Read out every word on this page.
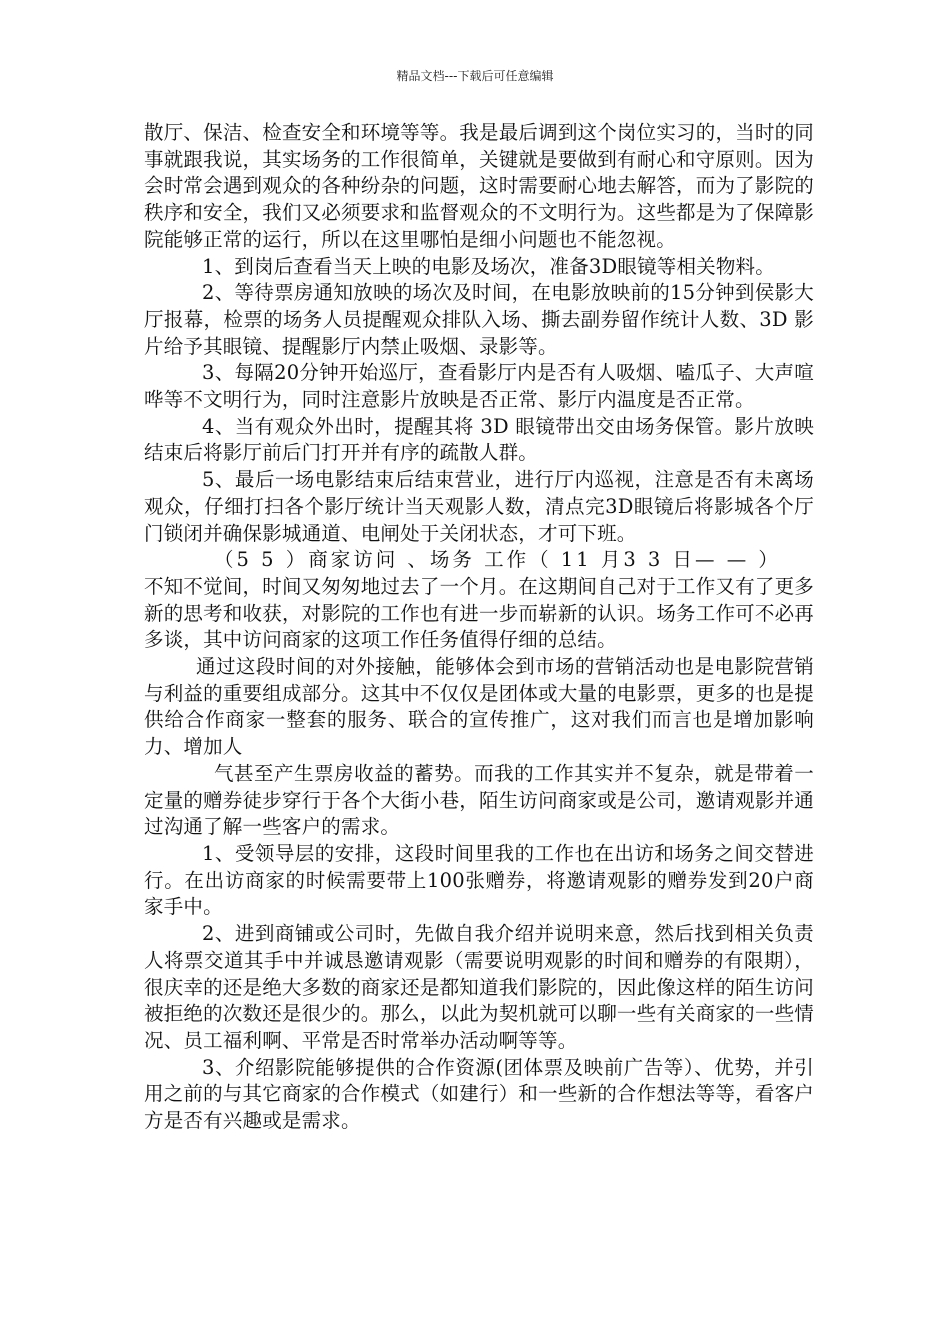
精品文档---下载后可任意编辑

散厅、保洁、检查安全和环境等等。我是最后调到这个岗位实习的，当时的同事就跟我说，其实场务的工作很简单，关键就是要做到有耐心和守原则。因为会时常会遇到观众的各种纷杂的问题，这时需要耐心地去解答，而为了影院的秩序和安全，我们又必须要求和监督观众的不文明行为。这些都是为了保障影院能够正常的运行，所以在这里哪怕是细小问题也不能忽视。

1、到岗后查看当天上映的电影及场次，准备3D眼镜等相关物料。

2、等待票房通知放映的场次及时间，在电影放映前的15分钟到侯影大厅报幕，检票的场务人员提醒观众排队入场、撕去副券留作统计人数、3D 影片给予其眼镜、提醒影厅内禁止吸烟、录影等。

3、每隔20分钟开始巡厅，查看影厅内是否有人吸烟、嗑瓜子、大声喧哗等不文明行为，同时注意影片放映是否正常、影厅内温度是否正常。

4、当有观众外出时，提醒其将 3D 眼镜带出交由场务保管。影片放映结束后将影厅前后门打开并有序的疏散人群。

5、最后一场电影结束后结束营业，进行厅内巡视，注意是否有未离场观众，仔细打扫各个影厅统计当天观影人数，清点完3D眼镜后将影城各个厅门锁闭并确保影城通道、电闸处于关闭状态，才可下班。

（5 5 ）商家访问 、场务 工作（ 11 月3 3 日— — ）

不知不觉间，时间又匆匆地过去了一个月。在这期间自己对于工作又有了更多新的思考和收获，对影院的工作也有进一步而崭新的认识。场务工作可不必再多谈，其中访问商家的这项工作任务值得仔细的总结。

通过这段时间的对外接触，能够体会到市场的营销活动也是电影院营销与利益的重要组成部分。这其中不仅仅是团体或大量的电影票，更多的也是提供给合作商家一整套的服务、联合的宣传推广，这对我们而言也是增加影响力、增加人

气甚至产生票房收益的蓄势。而我的工作其实并不复杂，就是带着一定量的赠券徒步穿行于各个大街小巷，陌生访问商家或是公司，邀请观影并通过沟通了解一些客户的需求。

1、受领导层的安排，这段时间里我的工作也在出访和场务之间交替进行。在出访商家的时候需要带上100张赠券，将邀请观影的赠券发到20户商家手中。

2、进到商铺或公司时，先做自我介绍并说明来意，然后找到相关负责人将票交道其手中并诚恳邀请观影（需要说明观影的时间和赠券的有限期），很庆幸的还是绝大多数的商家还是都知道我们影院的，因此像这样的陌生访问被拒绝的次数还是很少的。那么，以此为契机就可以聊一些有关商家的一些情况、员工福利啊、平常是否时常举办活动啊等等。

3、介绍影院能够提供的合作资源(团体票及映前广告等）、优势，并引用之前的与其它商家的合作模式（如建行）和一些新的合作想法等等，看客户方是否有兴趣或是需求。
